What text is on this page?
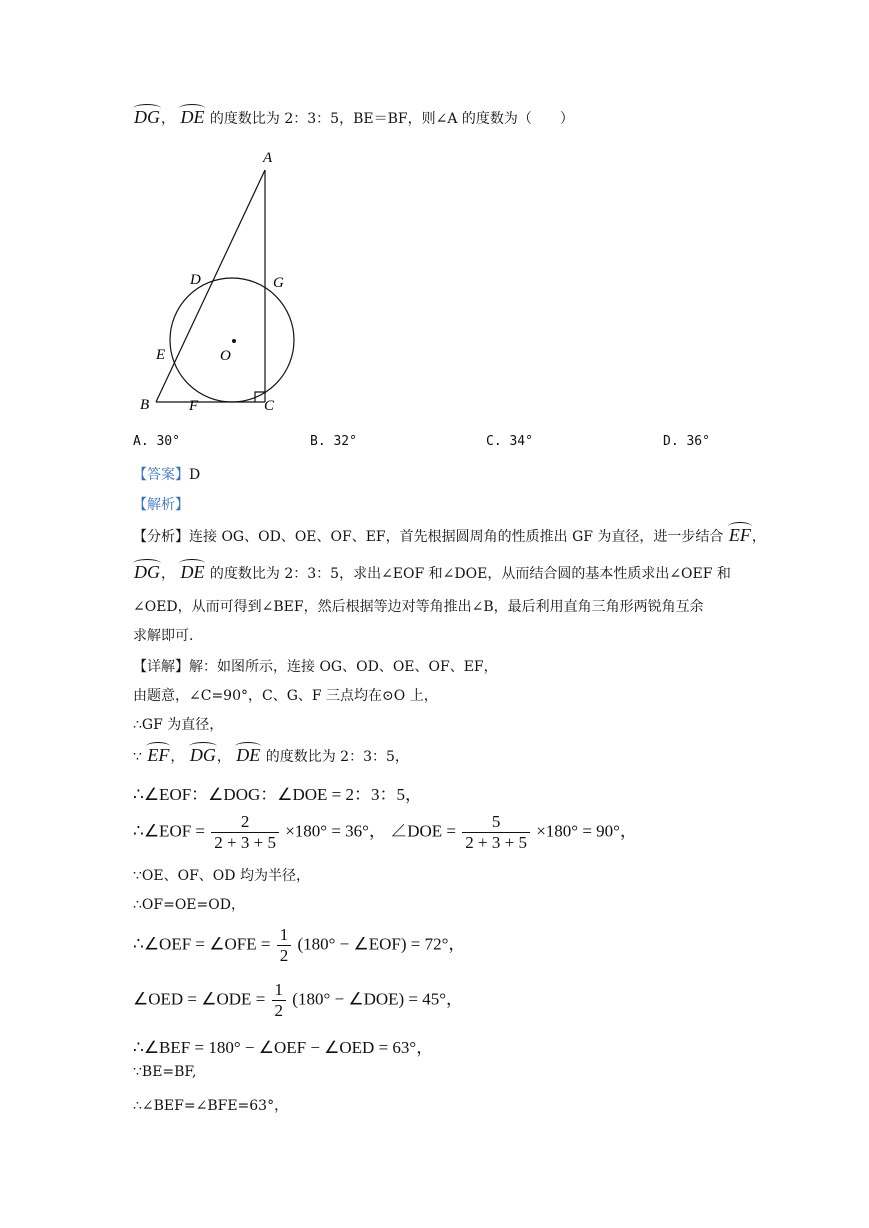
DG， DE 的度数比为 2：3：5，BE＝BF，则∠A 的度数为（　　）
A
D	G
E	O
B	F	C
A. 30°	B. 32°	C. 34°	D. 36°
【答案】D
【解析】
【分析】连接 OG、OD、OE、OF、EF，首先根据圆周角的性质推出 GF 为直径，进一步结合 EF，
DG， DE 的度数比为 2：3：5，求出∠EOF 和∠DOE，从而结合圆的基本性质求出∠OEF 和
∠OED，从而可得到∠BEF，然后根据等边对等角推出∠B，最后利用直角三角形两锐角互余
求解即可.
【详解】解：如图所示，连接 OG、OD、OE、OF、EF，
由题意，∠C=90°，C、G、F 三点均在⊙O 上，
∴GF 为直径，
∵ EF， DG， DE 的度数比为 2：3：5，
∴∠EOF：∠DOG：∠DOE = 2：3：5，
∴∠EOF = $\frac{2}{2 + 3 + 5} \times 180^\circ = 36^\circ$， ∠DOE = $\frac{5}{2 + 3 + 5} \times 180^\circ = 90^\circ$，
∵OE、OF、OD 均为半径，
∴OF=OE=OD，
∴∠OEF = ∠OFE = $\frac{1}{2} (180^\circ$ − ∠EOF) = 72°，
∠OED = ∠ODE = $\frac{1}{2} (180^\circ$ − ∠DOE) = 45°，
∴∠BEF = 180° − ∠OEF − ∠OED = 63°，
∵BE=BF,
∴∠BEF=∠BFE=63°，
